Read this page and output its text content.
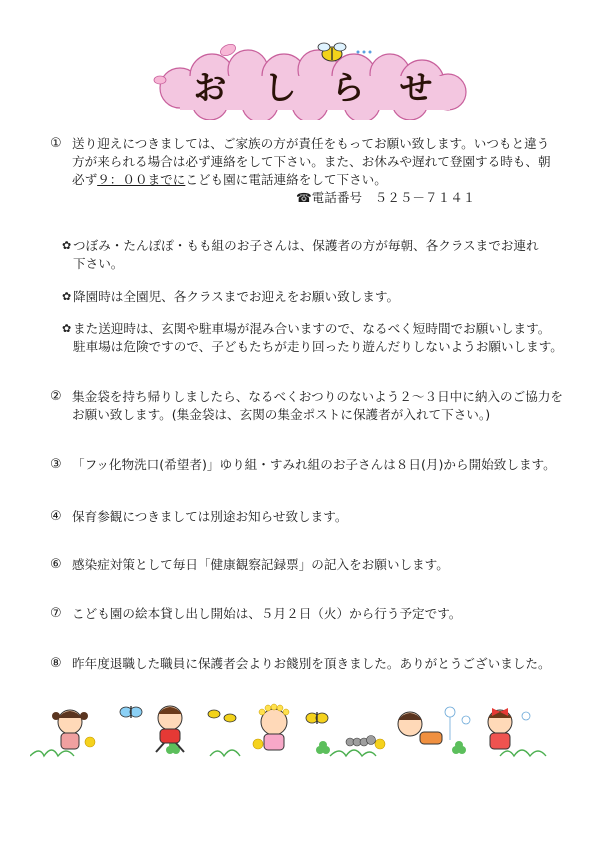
お し ら せ
① 送り迎えにつきましては、ご家族の方が責任をもってお願い致します。いつもと違う
方が来られる場合は必ず連絡をして下さい。また、お休みや遅れて登園する時も、朝
必ず９：００までにこども園に電話連絡をして下さい。
☎電話番号　５２５－７１４１
✿ つぼみ・たんぽぽ・もも組のお子さんは、保護者の方が毎朝、各クラスまでお連れ
下さい。
✿ 降園時は全園児、各クラスまでお迎えをお願い致します。
✿ また送迎時は、玄関や駐車場が混み合いますので、なるべく短時間でお願いします。
駐車場は危険ですので、子どもたちが走り回ったり遊んだりしないようお願いします。
② 集金袋を持ち帰りしましたら、なるべくおつりのないよう２～３日中に納入のご協力を
お願い致します。(集金袋は、玄関の集金ポストに保護者が入れて下さい。)
③ 「フッ化物洗口(希望者)」ゆり組・すみれ組のお子さんは８日(月)から開始致します。
④ 保育参観につきましては別途お知らせ致します。
⑥ 感染症対策として毎日「健康観察記録票」の記入をお願いします。
⑦ こども園の絵本貸し出し開始は、５月２日（火）から行う予定です。
⑧ 昨年度退職した職員に保護者会よりお餞別を頂きました。ありがとうございました。
